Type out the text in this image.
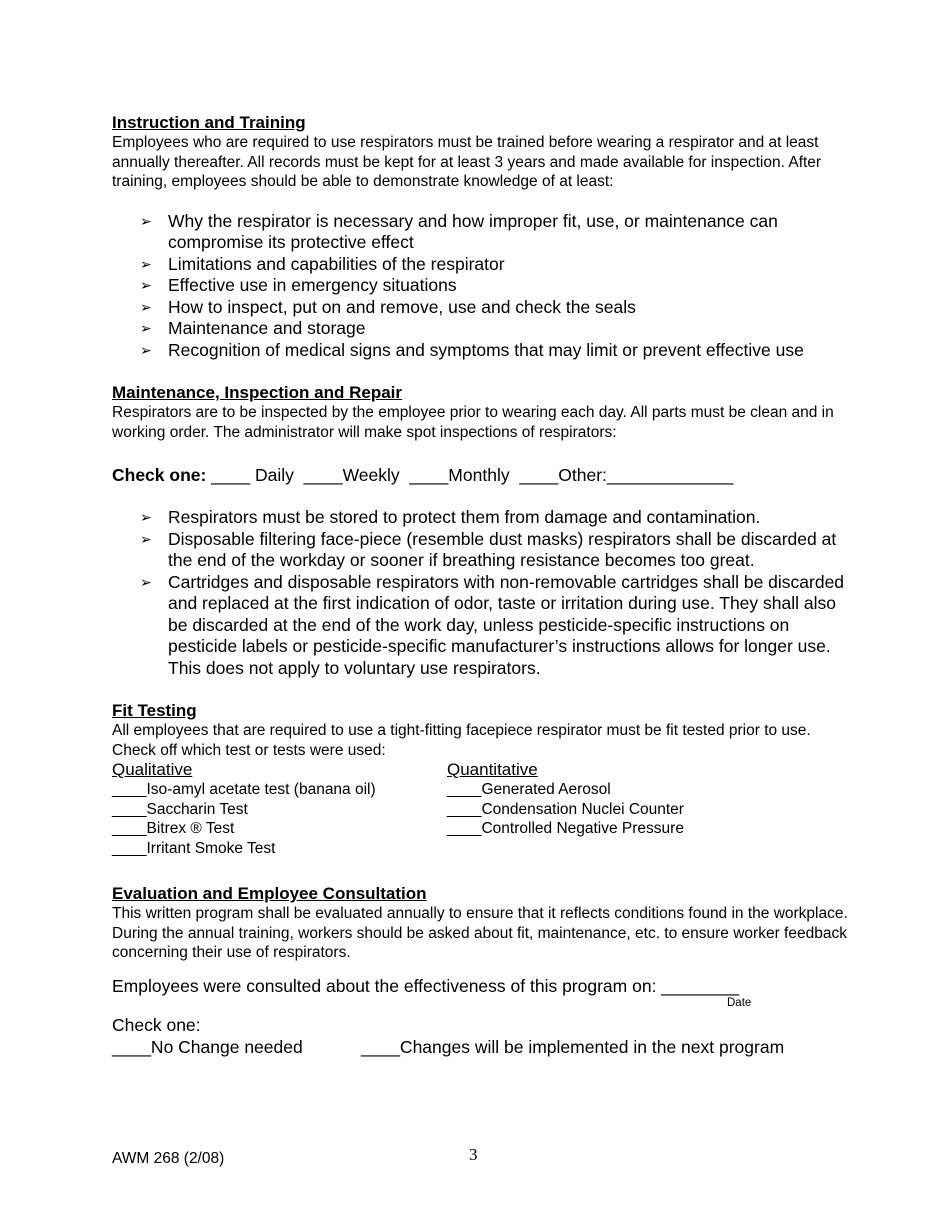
Instruction and Training

Employees who are required to use respirators must be trained before wearing a respirator and at least annually thereafter. All records must be kept for at least 3 years and made available for inspection. After training, employees should be able to demonstrate knowledge of at least:

➢ Why the respirator is necessary and how improper fit, use, or maintenance can compromise its protective effect
➢ Limitations and capabilities of the respirator
➢ Effective use in emergency situations
➢ How to inspect, put on and remove, use and check the seals
➢ Maintenance and storage
➢ Recognition of medical signs and symptoms that may limit or prevent effective use
Maintenance, Inspection and Repair

Respirators are to be inspected by the employee prior to wearing each day. All parts must be clean and in working order. The administrator will make spot inspections of respirators:

Check one: ____ Daily ____Weekly ____Monthly ____Other:_____________
➢ Respirators must be stored to protect them from damage and contamination.
➢ Disposable filtering face-piece (resemble dust masks) respirators shall be discarded at the end of the workday or sooner if breathing resistance becomes too great.
➢ Cartridges and disposable respirators with non-removable cartridges shall be discarded and replaced at the first indication of odor, taste or irritation during use. They shall also be discarded at the end of the work day, unless pesticide-specific instructions on pesticide labels or pesticide-specific manufacturer’s instructions allows for longer use. This does not apply to voluntary use respirators.
Fit Testing

All employees that are required to use a tight-fitting facepiece respirator must be fit tested prior to use. Check off which test or tests were used:

Qualitative
____Iso-amyl acetate test (banana oil)
____Saccharin Test
____Bitrex ® Test
____Irritant Smoke Test
Quantitative
____Generated Aerosol
____Condensation Nuclei Counter
____Controlled Negative Pressure
Evaluation and Employee Consultation

This written program shall be evaluated annually to ensure that it reflects conditions found in the workplace. During the annual training, workers should be asked about fit, maintenance, etc. to ensure worker feedback concerning their use of respirators.

Employees were consulted about the effectiveness of this program on: ________
Date
Check one:
____No Change needed	____Changes will be implemented in the next program
AWM 268 (2/08)	3
